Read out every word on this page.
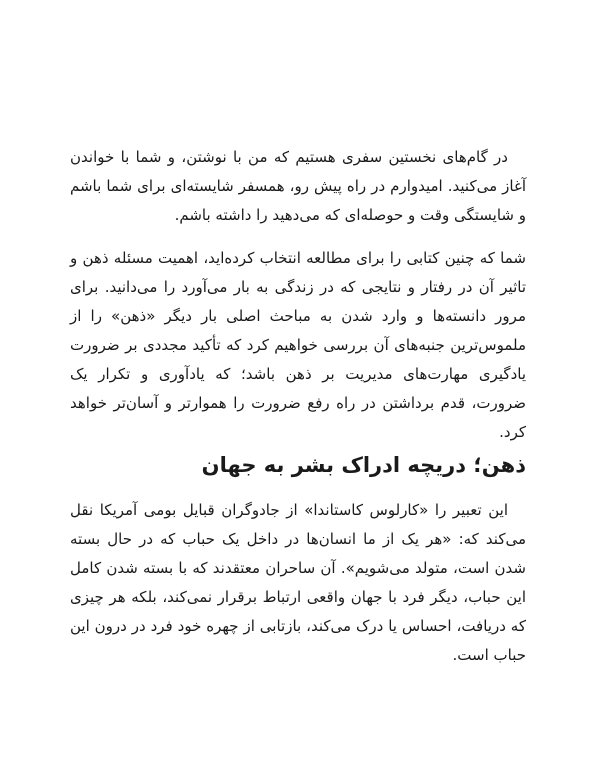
در گام‌های نخستین سفری هستیم که من با نوشتن، و شما با خواندن آغاز می‌کنید. امیدوارم در راه پیش رو، همسفر شایسته‌ای برای شما باشم و شایستگی وقت و حوصله‌ای که می‌دهید را داشته باشم.

شما که چنین کتابی را برای مطالعه انتخاب کرده‌اید، اهمیت مسئله ذهن و تاثیر آن در رفتار و نتایجی که در زندگی به بار می‌آورد را می‌دانید. برای مرور دانسته‌ها و وارد شدن به مباحث اصلی بار دیگر «ذهن» را از ملموس‌ترین جنبه‌های آن بررسی خواهیم کرد که تأکید مجددی بر ضرورت یادگیری مهارت‌های مدیریت بر ذهن باشد؛ که یادآوری و تکرار یک ضرورت، قدم برداشتن در راه رفع ضرورت را هموارتر و آسان‌تر خواهد کرد.

ذهن؛ دریچه ادراک بشر به جهان

این تعبیر را «کارلوس کاستاندا» از جادوگران قبایل بومی آمریکا نقل می‌کند که: «هر یک از ما انسان‌ها در داخل یک حباب که در حال بسته شدن است، متولد می‌شویم». آن ساحران معتقدند که با بسته شدن کامل این حباب، دیگر فرد با جهان واقعی ارتباط برقرار نمی‌کند، بلکه هر چیزی که دریافت، احساس یا درک می‌کند، بازتابی از چهره خود فرد در درون این حباب است.
